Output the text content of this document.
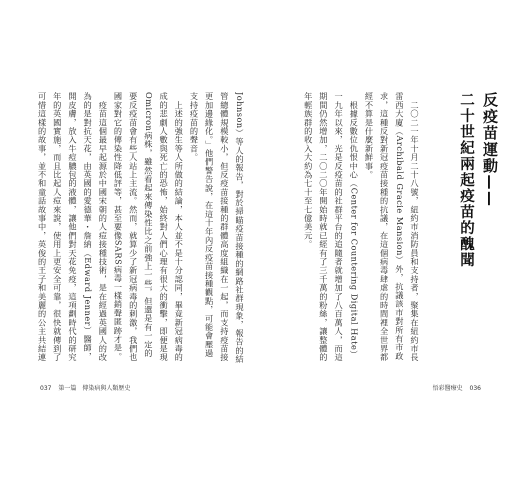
Johnson）等人的報告，對於掃瞄疫苗接種的網路社群現象，報告的結
管總體規模較小，但反疫苗接種的群體高度組織在一起，而支持疫苗接
更加邊緣化。」他們警告說，在這十年內反疫苗接種觀點，可能會壓過
支持疫苗的聲音。
　上述的強生等人所做的結論，本人並不是十分認同，畢竟新冠病毒的
成的悲劇人數與死亡的恐怖，始終對人們心理有很大的衝擊，即便是現
Omicron病株，雖然看起來傳染性比之前強上一些，但還是有一定的
要反疫苗會有些人站上主流。然而，就算少了新冠病毒的刺激，我們也
國家對它的傳染性降低評等，甚至要像SARS病毒一樣銷聲匿跡才是。
　疫苗這個最早起源於中國宋朝的人痘接種技術，是在經過英國人的改
為的是對抗天花，由英國的愛德華・詹納（Edward Jenner）醫師，
開皮膚，放入牛痘膿包的液體，讓他們對天花免疫，這項劃時代的研究
年的英國實施，而且比起人痘來說，使用上更安全可靠，很快就傳到了
可惜這樣的故事，並不和童話故事中，英俊的王子和美麗的公主共結連
037 第一篇　傳染病與人類歷史
　二〇二一年十月二十八號，紐約市消防員和支持者，聚集在紐約市長
雷西大廈（Archibald Gracie Mansion）外，抗議該市對所有市政
求，這種反對新冠疫苗接種的抗議，在這個病毒肆虐的時間裡全世界都
經不算是什麼新鮮事。
　根據反數位仇恨中心（Center for Countering Digital Hate）
一九年以來，光是反疫苗的社群平台的追隨者就增加了八百萬人，而這
期間仍然增加，二〇二〇年開始時就已經有了三千萬的粉絲，讓整體的
年輕族群的收入大約為七十至七億美元。	反疫苗運動——
二十世紀兩起疫苗的醜聞
悟彩醫療史 036
